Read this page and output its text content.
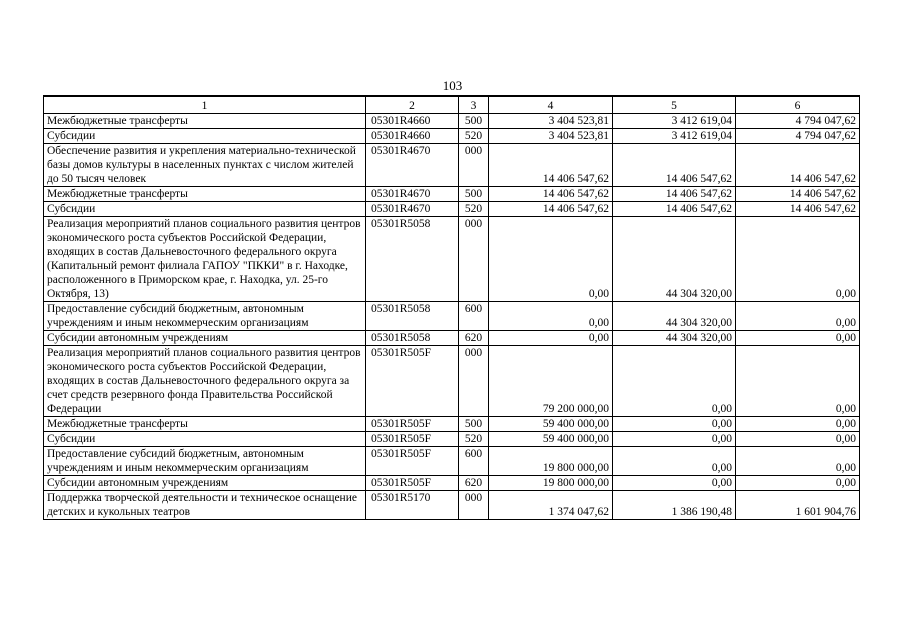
103
1	2	3	4	5	6
Межбюджетные трансферты	05301R4660	500	3 404 523,81	3 412 619,04	4 794 047,62
Субсидии	05301R4660	520	3 404 523,81	3 412 619,04	4 794 047,62
Обеспечение развития и укрепления материально-технической базы домов культуры в населенных пунктах с числом жителей до 50 тысяч человек	05301R4670	000	14 406 547,62	14 406 547,62	14 406 547,62
Межбюджетные трансферты	05301R4670	500	14 406 547,62	14 406 547,62	14 406 547,62
Субсидии	05301R4670	520	14 406 547,62	14 406 547,62	14 406 547,62
Реализация мероприятий планов социального развития центров экономического роста субъектов Российской Федерации, входящих в состав Дальневосточного федерального округа (Капитальный ремонт филиала ГАПОУ "ПККИ" в г. Находке, расположенного в Приморском крае, г. Находка, ул. 25-го Октября, 13)	05301R5058	000	0,00	44 304 320,00	0,00
Предоставление субсидий бюджетным, автономным учреждениям и иным некоммерческим организациям	05301R5058	600	0,00	44 304 320,00	0,00
Субсидии автономным учреждениям	05301R5058	620	0,00	44 304 320,00	0,00
Реализация мероприятий планов социального развития центров экономического роста субъектов Российской Федерации, входящих в состав Дальневосточного федерального округа за счет средств резервного фонда Правительства Российской Федерации	05301R505F	000	79 200 000,00	0,00	0,00
Межбюджетные трансферты	05301R505F	500	59 400 000,00	0,00	0,00
Субсидии	05301R505F	520	59 400 000,00	0,00	0,00
Предоставление субсидий бюджетным, автономным учреждениям и иным некоммерческим организациям	05301R505F	600	19 800 000,00	0,00	0,00
Субсидии автономным учреждениям	05301R505F	620	19 800 000,00	0,00	0,00
Поддержка творческой деятельности и техническое оснащение детских и кукольных театров	05301R5170	000	1 374 047,62	1 386 190,48	1 601 904,76
